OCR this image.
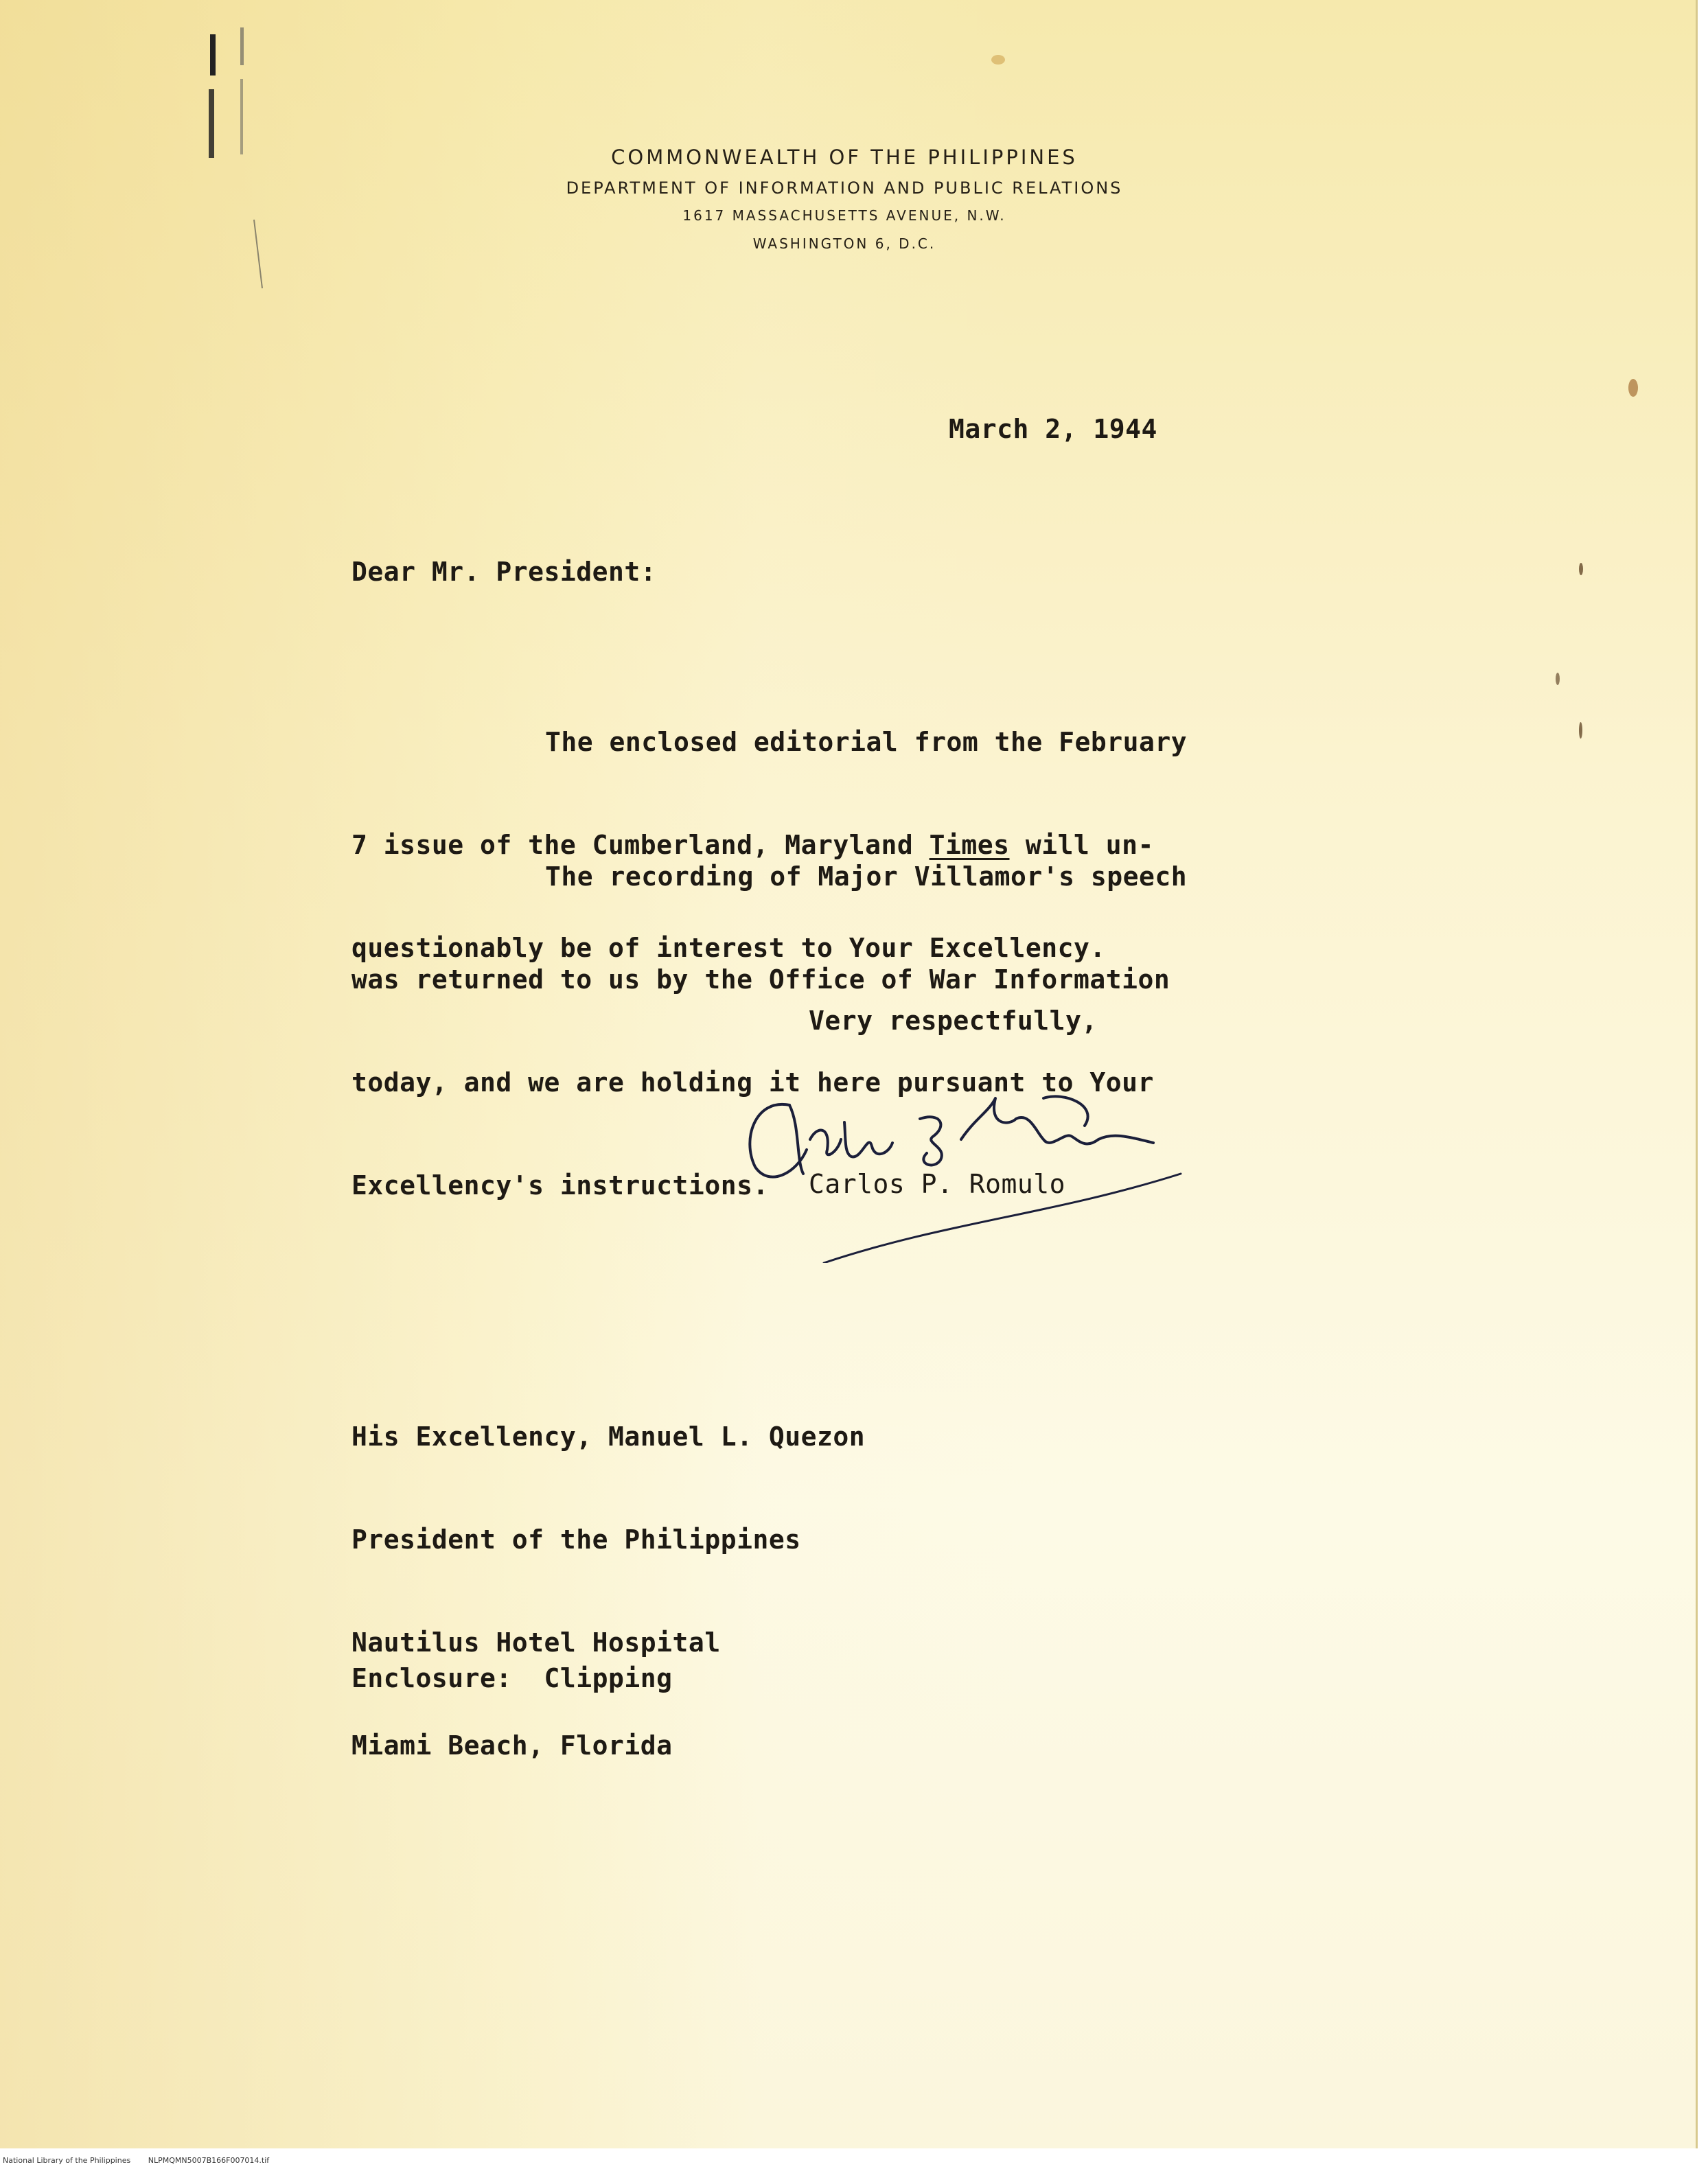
COMMONWEALTH OF THE PHILIPPINES
DEPARTMENT OF INFORMATION AND PUBLIC RELATIONS
1617 MASSACHUSETTS AVENUE, N.W.
WASHINGTON 6, D.C.
March 2, 1944
Dear Mr. President:

The enclosed editorial from the February

7 issue of the Cumberland, Maryland Times will un-

questionably be of interest to Your Excellency.

The recording of Major Villamor's speech

was returned to us by the Office of War Information

today, and we are holding it here pursuant to Your

Excellency's instructions.

Very respectfully,
Carlos P. Romulo

His Excellency, Manuel L. Quezon

President of the Philippines

Nautilus Hotel Hospital

Miami Beach, Florida

Enclosure:  Clipping
National Library of the Philippines NLPMQMN5007B166F007014.tif
